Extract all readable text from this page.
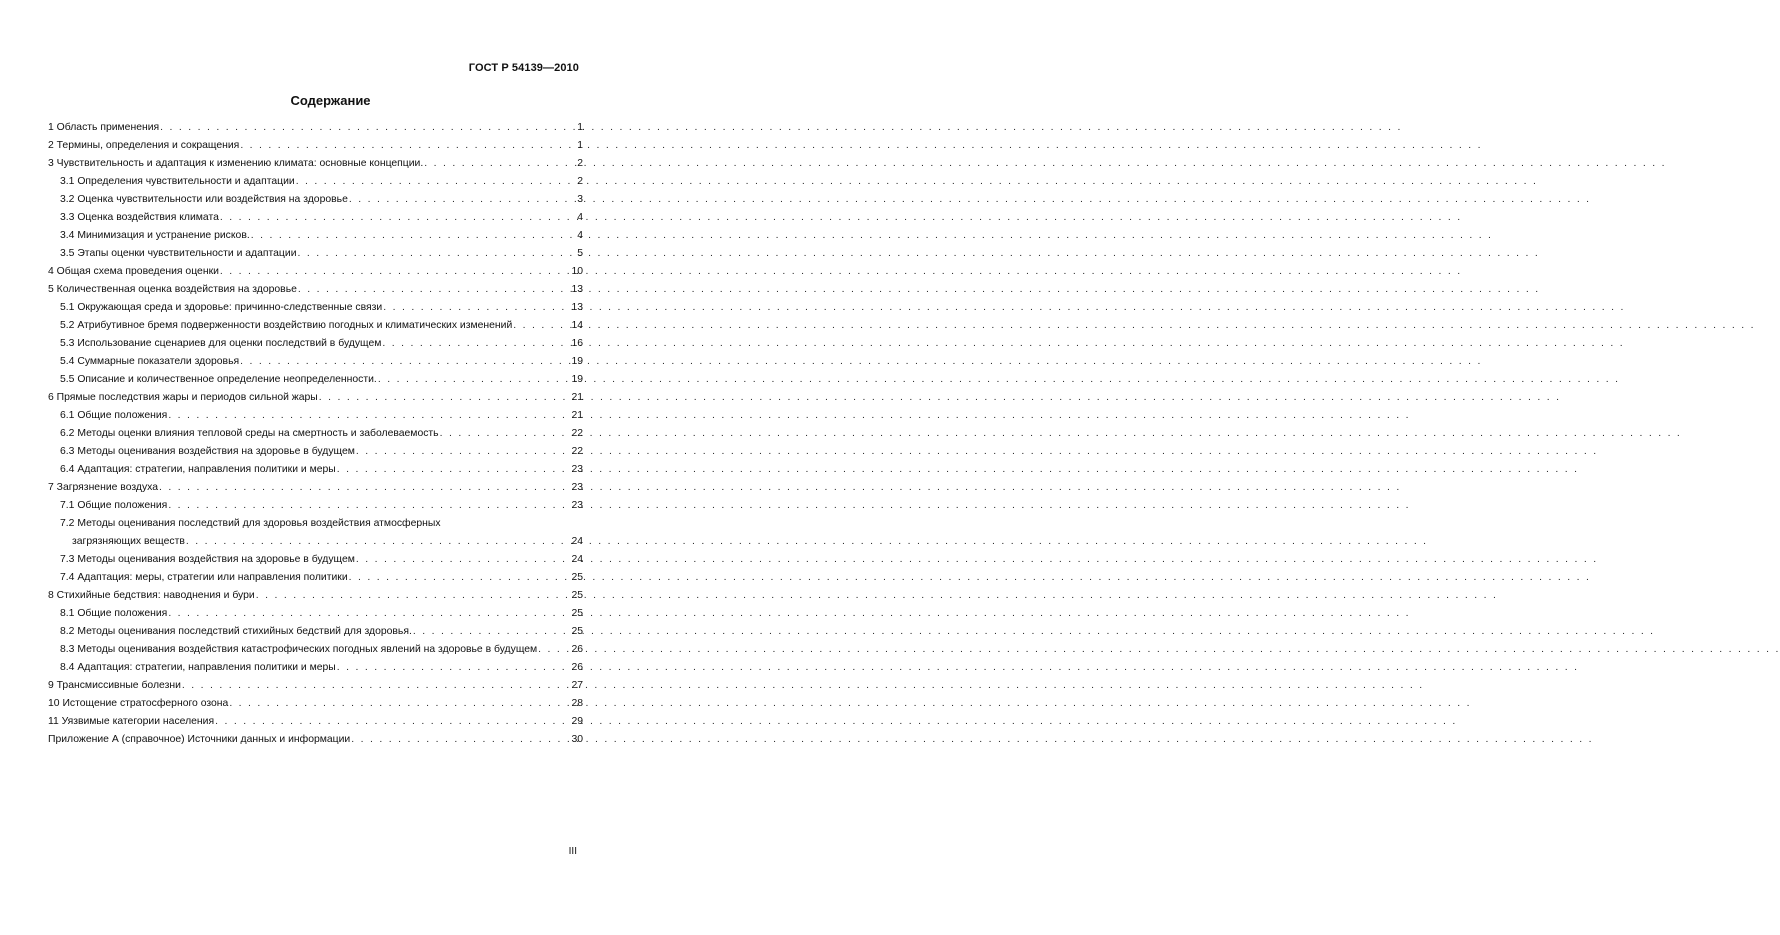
ГОСТ Р 54139—2010
Содержание
1 Область применения . . .	1
2 Термины, определения и сокращения . . .	1
3 Чувствительность и адаптация к изменению климата: основные концепции. . . .	2
3.1 Определения чувствительности и адаптации . . .	2
3.2 Оценка чувствительности или воздействия на здоровье . . .	3
3.3 Оценка воздействия климата . . .	4
3.4 Минимизация и устранение рисков. . . .	4
3.5 Этапы оценки чувствительности и адаптации . . .	5
4 Общая схема проведения оценки . . .	10
5 Количественная оценка воздействия на здоровье . . .	13
5.1 Окружающая среда и здоровье: причинно-следственные связи . . .	13
5.2 Атрибутивное бремя подверженности воздействию погодных и климатических изменений . . .	14
5.3 Использование сценариев для оценки последствий в будущем . . .	16
5.4 Суммарные показатели здоровья . . .	19
5.5 Описание и количественное определение неопределенности. . . .	19
6 Прямые последствия жары и периодов сильной жары . . .	21
6.1 Общие положения . . .	21
6.2 Методы оценки влияния тепловой среды на смертность и заболеваемость . . .	22
6.3 Методы оценивания воздействия на здоровье в будущем . . .	22
6.4 Адаптация: стратегии, направления политики и меры . . .	23
7 Загрязнение воздуха . . .	23
7.1 Общие положения . . .	23
7.2 Методы оценивания последствий для здоровья воздействия атмосферных
загрязняющих веществ . . .	24
7.3 Методы оценивания воздействия на здоровье в будущем . . .	24
7.4 Адаптация: меры, стратегии или направления политики . . .	25
8 Стихийные бедствия: наводнения и бури . . .	25
8.1 Общие положения . . .	25
8.2 Методы оценивания последствий стихийных бедствий для здоровья. . . .	25
8.3 Методы оценивания воздействия катастрофических погодных явлений на здоровье в будущем . . .	26
8.4 Адаптация: стратегии, направления политики и меры . . .	26
9 Трансмиссивные болезни . . .	27
10 Истощение стратосферного озона . . .	28
11 Уязвимые категории населения . . .	29
Приложение А (справочное) Источники данных и информации . . .	30
III
